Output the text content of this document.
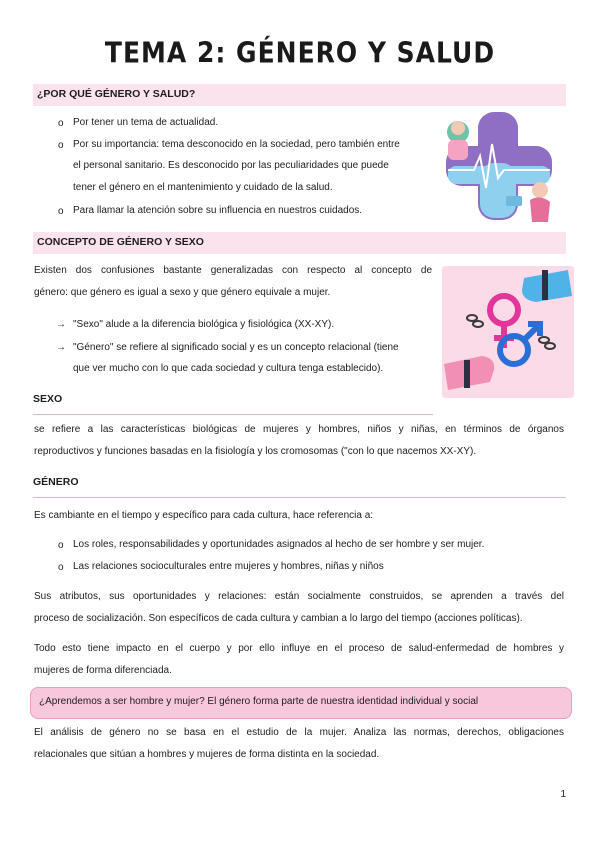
TEMA 2: GÉNERO Y SALUD
¿POR QUÉ GÉNERO Y SALUD?
o Por tener un tema de actualidad.
o Por su importancia: tema desconocido en la sociedad, pero también entre
el personal sanitario. Es desconocido por las peculiaridades que puede
tener el género en el mantenimiento y cuidado de la salud.
o Para llamar la atención sobre su influencia en nuestros cuidados.
CONCEPTO DE GÉNERO Y SEXO
Existen dos confusiones bastante generalizadas con respecto al concepto de
género: que género es igual a sexo y que género equivale a mujer.
→ "Sexo" alude a la diferencia biológica y fisiológica (XX-XY).
→ "Género" se refiere al significado social y es un concepto relacional (tiene
que ver mucho con lo que cada sociedad y cultura tenga establecido).
SEXO
se refiere a las características biológicas de mujeres y hombres, niños y niñas, en términos de órganos
reproductivos y funciones basadas en la fisiología y los cromosomas ("con lo que nacemos XX-XY).
GÉNERO
Es cambiante en el tiempo y específico para cada cultura, hace referencia a:
o Los roles, responsabilidades y oportunidades asignados al hecho de ser hombre y ser mujer.
o Las relaciones socioculturales entre mujeres y hombres, niñas y niños
Sus atributos, sus oportunidades y relaciones: están socialmente construidos, se aprenden a través del
proceso de socialización. Son específicos de cada cultura y cambian a lo largo del tiempo (acciones políticas).
Todo esto tiene impacto en el cuerpo y por ello influye en el proceso de salud-enfermedad de hombres y
mujeres de forma diferenciada.
¿Aprendemos a ser hombre y mujer? El género forma parte de nuestra identidad individual y social
El análisis de género no se basa en el estudio de la mujer. Analiza las normas, derechos, obligaciones
relacionales que sitúan a hombres y mujeres de forma distinta en la sociedad.
1
